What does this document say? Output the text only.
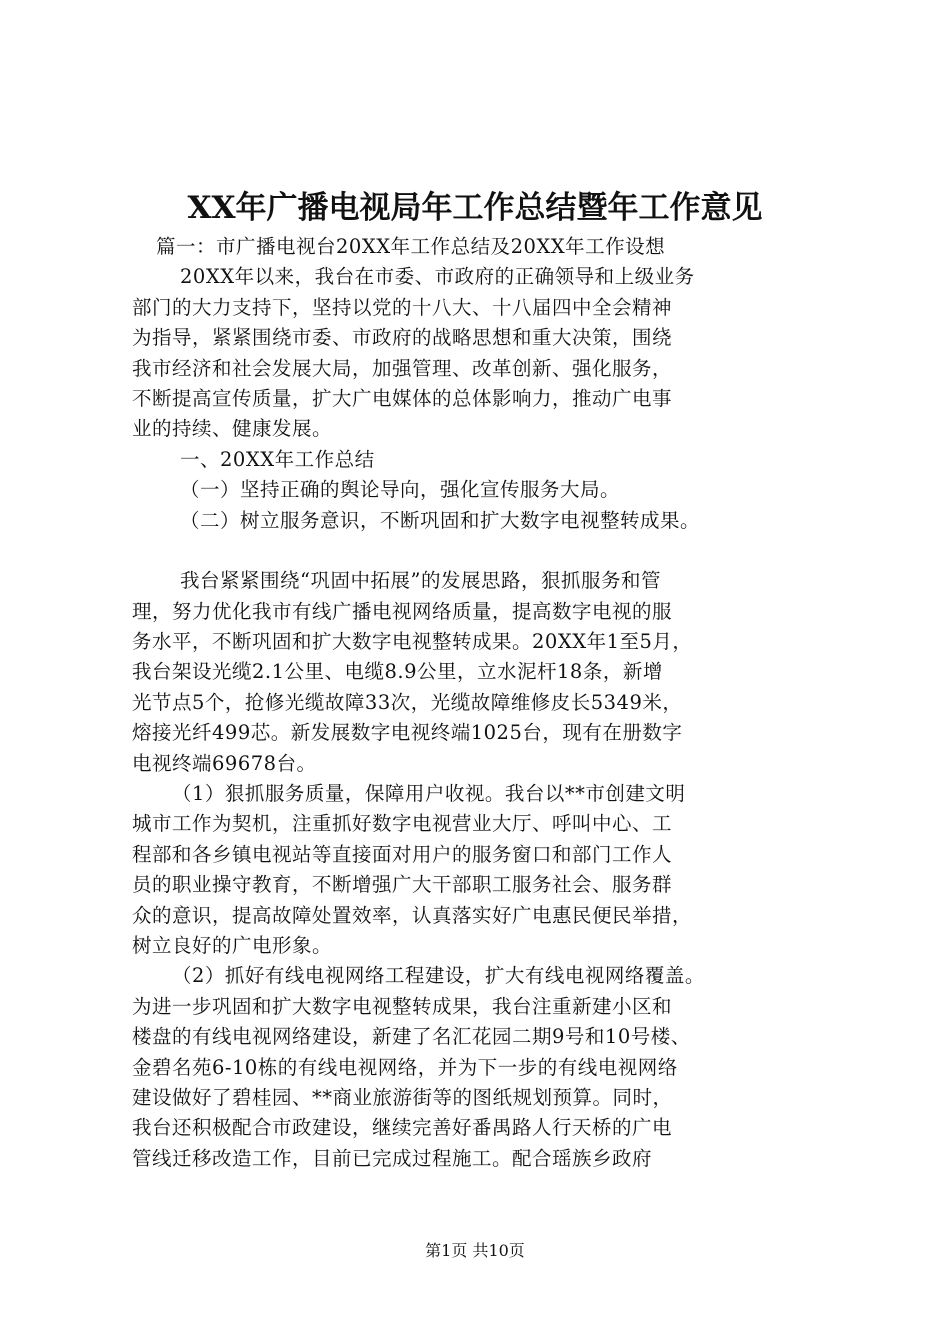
XX年广播电视局年工作总结暨年工作意见
篇一：市广播电视台20XX年工作总结及20XX年工作设想
20XX年以来，我台在市委、市政府的正确领导和上级业务
部门的大力支持下，坚持以党的十八大、十八届四中全会精神
为指导，紧紧围绕市委、市政府的战略思想和重大决策，围绕
我市经济和社会发展大局，加强管理、改革创新、强化服务，
不断提高宣传质量，扩大广电媒体的总体影响力，推动广电事
业的持续、健康发展。
一、20XX年工作总结
（一）坚持正确的舆论导向，强化宣传服务大局。
（二）树立服务意识，不断巩固和扩大数字电视整转成果。
我台紧紧围绕“巩固中拓展”的发展思路，狠抓服务和管
理，努力优化我市有线广播电视网络质量，提高数字电视的服
务水平，不断巩固和扩大数字电视整转成果。20XX年1至5月，
我台架设光缆2.1公里、电缆8.9公里，立水泥杆18条，新增
光节点5个，抢修光缆故障33次，光缆故障维修皮长5349米，
熔接光纤499芯。新发展数字电视终端1025台，现有在册数字
电视终端69678台。
（1）狠抓服务质量，保障用户收视。我台以**市创建文明
城市工作为契机，注重抓好数字电视营业大厅、呼叫中心、工
程部和各乡镇电视站等直接面对用户的服务窗口和部门工作人
员的职业操守教育，不断增强广大干部职工服务社会、服务群
众的意识，提高故障处置效率，认真落实好广电惠民便民举措，
树立良好的广电形象。
（2）抓好有线电视网络工程建设，扩大有线电视网络覆盖。
为进一步巩固和扩大数字电视整转成果，我台注重新建小区和
楼盘的有线电视网络建设，新建了名汇花园二期9号和10号楼、
金碧名苑6-10栋的有线电视网络，并为下一步的有线电视网络
建设做好了碧桂园、**商业旅游街等的图纸规划预算。同时，
我台还积极配合市政建设，继续完善好番禺路人行天桥的广电
管线迁移改造工作，目前已完成过程施工。配合瑶族乡政府
第1页 共10页
